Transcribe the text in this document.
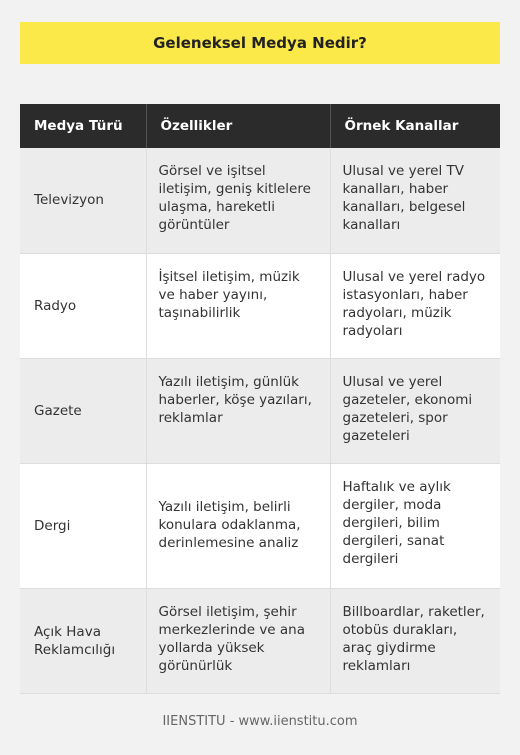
Geleneksel Medya Nedir?
Medya Türü	Özellikler	Örnek Kanallar
Televizyon	Görsel ve işitsel iletişim, geniş kitlelere ulaşma, hareketli görüntüler	Ulusal ve yerel TV kanalları, haber kanalları, belgesel kanalları

Radyo	İşitsel iletişim, müzik ve haber yayını, taşınabilirlik	Ulusal ve yerel radyo istasyonları, haber radyoları, müzik radyoları

Gazete	Yazılı iletişim, günlük haberler, köşe yazıları, reklamlar	Ulusal ve yerel gazeteler, ekonomi gazeteleri, spor gazeteleri

Dergi	Yazılı iletişim, belirli konulara odaklanma, derinlemesine analiz	Haftalık ve aylık dergiler, moda dergileri, bilim dergileri, sanat dergileri

Açık Hava Reklamcılığı	Görsel iletişim, şehir merkezlerinde ve ana yollarda yüksek görünürlük	Billboardlar, raketler, otobüs durakları, araç giydirme reklamları
IIENSTITU - www.iienstitu.com
